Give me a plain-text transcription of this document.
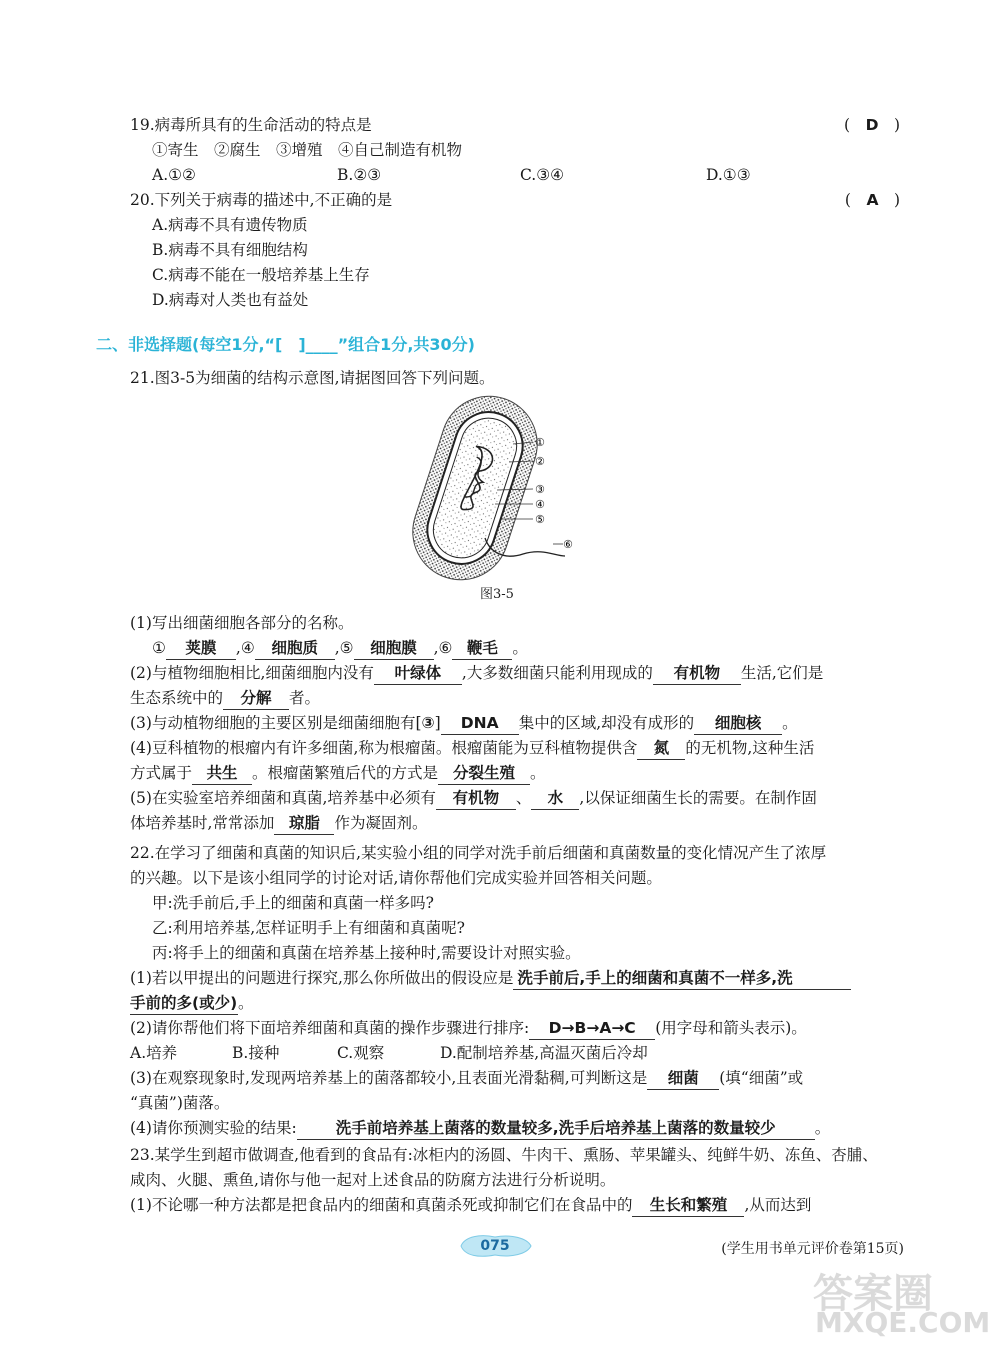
19.病毒所具有的生命活动的特点是	(　D　)
①寄生　②腐生　③增殖　④自己制造有机物
A.①②	B.②③	C.③④	D.①③
20.下列关于病毒的描述中,不正确的是	(　A　)
A.病毒不具有遗传物质
B.病毒不具有细胞结构
C.病毒不能在一般培养基上生存
D.病毒对人类也有益处
二、非选择题(每空1分,“[　]____”组合1分,共30分)
21.图3-5为细菌的结构示意图,请据图回答下列问题。
①
②
③
④
⑤
⑥
图3-5
(1)写出细菌细胞各部分的名称。
① 荚膜 ,④ 细胞质 ,⑤ 细胞膜 ,⑥ 鞭毛 。
(2)与植物细胞相比,细菌细胞内没有 叶绿体 ,大多数细菌只能利用现成的 有机物 生活,它们是
生态系统中的 分解 者。
(3)与动植物细胞的主要区别是细菌细胞有[③] DNA 集中的区域,却没有成形的 细胞核 。
(4)豆科植物的根瘤内有许多细菌,称为根瘤菌。根瘤菌能为豆科植物提供含 氮 的无机物,这种生活
方式属于 共生 。根瘤菌繁殖后代的方式是 分裂生殖 。
(5)在实验室培养细菌和真菌,培养基中必须有 有机物 、 水 ,以保证细菌生长的需要。在制作固
体培养基时,常常添加 琼脂 作为凝固剂。
22.在学习了细菌和真菌的知识后,某实验小组的同学对洗手前后细菌和真菌数量的变化情况产生了浓厚
的兴趣。以下是该小组同学的讨论对话,请你帮他们完成实验并回答相关问题。
甲:洗手前后,手上的细菌和真菌一样多吗?
乙:利用培养基,怎样证明手上有细菌和真菌呢?
丙:将手上的细菌和真菌在培养基上接种时,需要设计对照实验。
(1)若以甲提出的问题进行探究,那么你所做出的假设应是 洗手前后,手上的细菌和真菌不一样多,洗
手前的多(或少)。
(2)请你帮他们将下面培养细菌和真菌的操作步骤进行排序: D→B→A→C (用字母和箭头表示)。
A.培养	B.接种	C.观察	D.配制培养基,高温灭菌后冷却
(3)在观察现象时,发现两培养基上的菌落都较小,且表面光滑黏稠,可判断这是 细菌 (填“细菌”或
“真菌”)菌落。
(4)请你预测实验的结果:	洗手前培养基上菌落的数量较多,洗手后培养基上菌落的数量较少	。
23.某学生到超市做调查,他看到的食品有:冰柜内的汤圆、牛肉干、熏肠、苹果罐头、纯鲜牛奶、冻鱼、杏脯、
咸肉、火腿、熏鱼,请你与他一起对上述食品的防腐方法进行分析说明。
(1)不论哪一种方法都是把食品内的细菌和真菌杀死或抑制它们在食品中的 生长和繁殖 ,从而达到
075	(学生用书单元评价卷第15页)
答案圈
MXQE.COM
